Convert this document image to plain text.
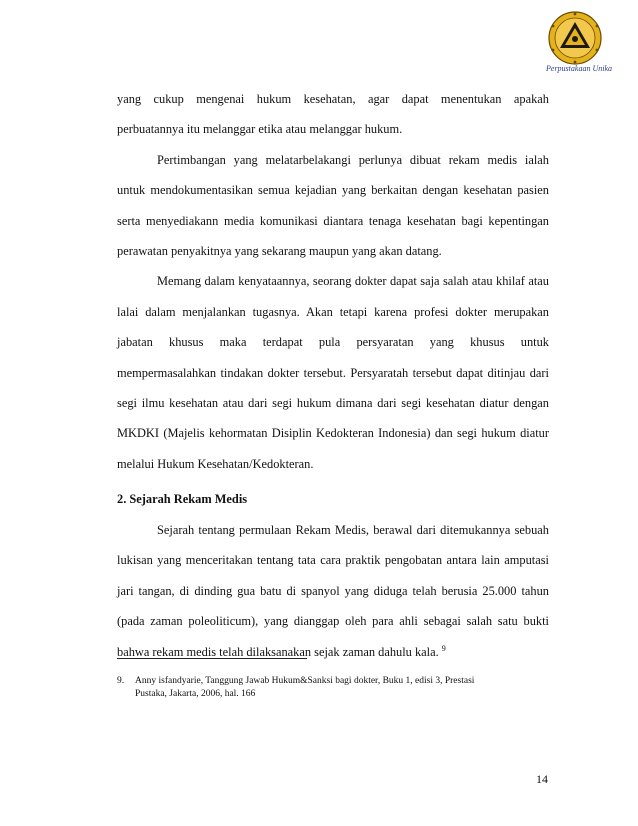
Perpustakaan Unika
yang cukup mengenai hukum kesehatan, agar dapat menentukan apakah
perbuatannya itu melanggar etika atau melanggar hukum.
Pertimbangan yang melatarbelakangi perlunya dibuat rekam medis ialah
untuk mendokumentasikan semua kejadian yang berkaitan dengan kesehatan pasien
serta menyediakann media komunikasi diantara tenaga kesehatan bagi kepentingan
perawatan penyakitnya yang sekarang maupun yang akan datang.
Memang dalam kenyataannya, seorang dokter dapat saja salah atau khilaf atau
lalai dalam menjalankan tugasnya. Akan tetapi karena profesi dokter merupakan
jabatan khusus maka terdapat pula persyaratan yang khusus untuk
mempermasalahkan tindakan dokter tersebut. Persyaratah tersebut dapat ditinjau dari
segi ilmu kesehatan atau dari segi hukum dimana dari segi kesehatan diatur dengan
MKDKI (Majelis kehormatan Disiplin Kedokteran Indonesia) dan segi hukum diatur
melalui Hukum Kesehatan/Kedokteran.
2. Sejarah Rekam Medis
Sejarah tentang permulaan Rekam Medis, berawal dari ditemukannya sebuah
lukisan yang menceritakan tentang tata cara praktik pengobatan antara lain amputasi
jari tangan, di dinding gua batu di spanyol yang diduga telah berusia 25.000 tahun
(pada zaman poleoliticum), yang dianggap oleh para ahli sebagai salah satu bukti
bahwa rekam medis telah dilaksanakan sejak zaman dahulu kala. $^9$
9. Anny isfandyarie, Tanggung Jawab Hukum&Sanksi bagi dokter, Buku 1, edisi 3, Prestasi
Pustaka, Jakarta, 2006, hal. 166
14
